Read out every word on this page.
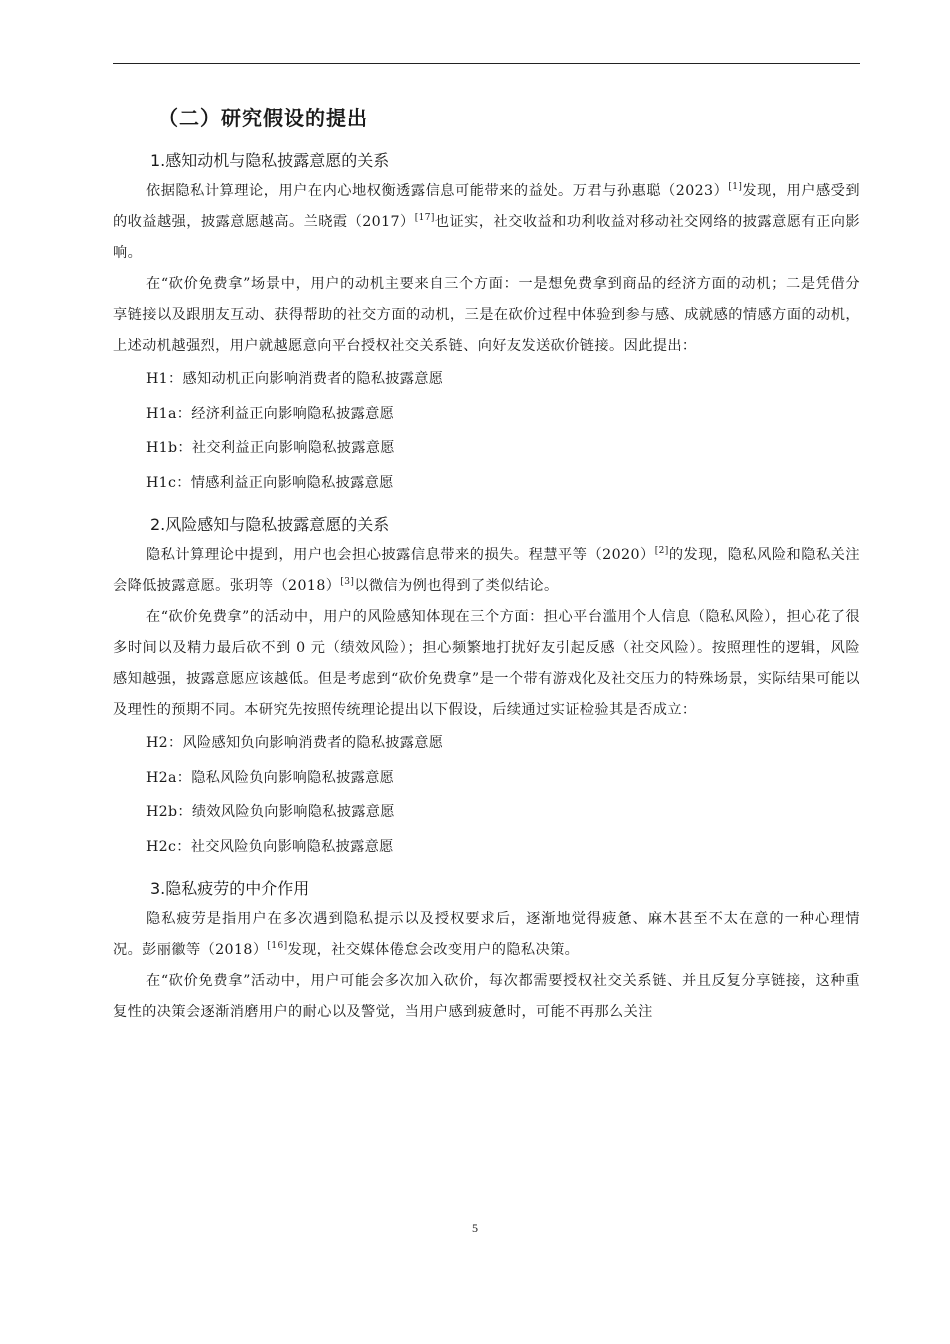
（二）研究假设的提出
1.感知动机与隐私披露意愿的关系

依据隐私计算理论，用户在内心地权衡透露信息可能带来的益处。万君与孙惠聪（2023）[1]发现，用户感受到的收益越强，披露意愿越高。兰晓霞（2017）[17]也证实，社交收益和功利收益对移动社交网络的披露意愿有正向影响。

在“砍价免费拿”场景中，用户的动机主要来自三个方面：一是想免费拿到商品的经济方面的动机；二是凭借分享链接以及跟朋友互动、获得帮助的社交方面的动机，三是在砍价过程中体验到参与感、成就感的情感方面的动机，上述动机越强烈，用户就越愿意向平台授权社交关系链、向好友发送砍价链接。因此提出：

H1：感知动机正向影响消费者的隐私披露意愿
H1a：经济利益正向影响隐私披露意愿
H1b：社交利益正向影响隐私披露意愿
H1c：情感利益正向影响隐私披露意愿
2.风险感知与隐私披露意愿的关系

隐私计算理论中提到，用户也会担心披露信息带来的损失。程慧平等（2020）[2]的发现，隐私风险和隐私关注会降低披露意愿。张玥等（2018）[3]以微信为例也得到了类似结论。

在“砍价免费拿”的活动中，用户的风险感知体现在三个方面：担心平台滥用个人信息（隐私风险），担心花了很多时间以及精力最后砍不到 0 元（绩效风险）；担心频繁地打扰好友引起反感（社交风险）。按照理性的逻辑，风险感知越强，披露意愿应该越低。但是考虑到“砍价免费拿”是一个带有游戏化及社交压力的特殊场景，实际结果可能以及理性的预期不同。本研究先按照传统理论提出以下假设，后续通过实证检验其是否成立：

H2：风险感知负向影响消费者的隐私披露意愿
H2a：隐私风险负向影响隐私披露意愿
H2b：绩效风险负向影响隐私披露意愿
H2c：社交风险负向影响隐私披露意愿
3.隐私疲劳的中介作用

隐私疲劳是指用户在多次遇到隐私提示以及授权要求后，逐渐地觉得疲惫、麻木甚至不太在意的一种心理情况。彭丽徽等（2018）[16]发现，社交媒体倦怠会改变用户的隐私决策。

在“砍价免费拿”活动中，用户可能会多次加入砍价，每次都需要授权社交关系链、并且反复分享链接，这种重复性的决策会逐渐消磨用户的耐心以及警觉，当用户感到疲惫时，可能不再那么关注

5
